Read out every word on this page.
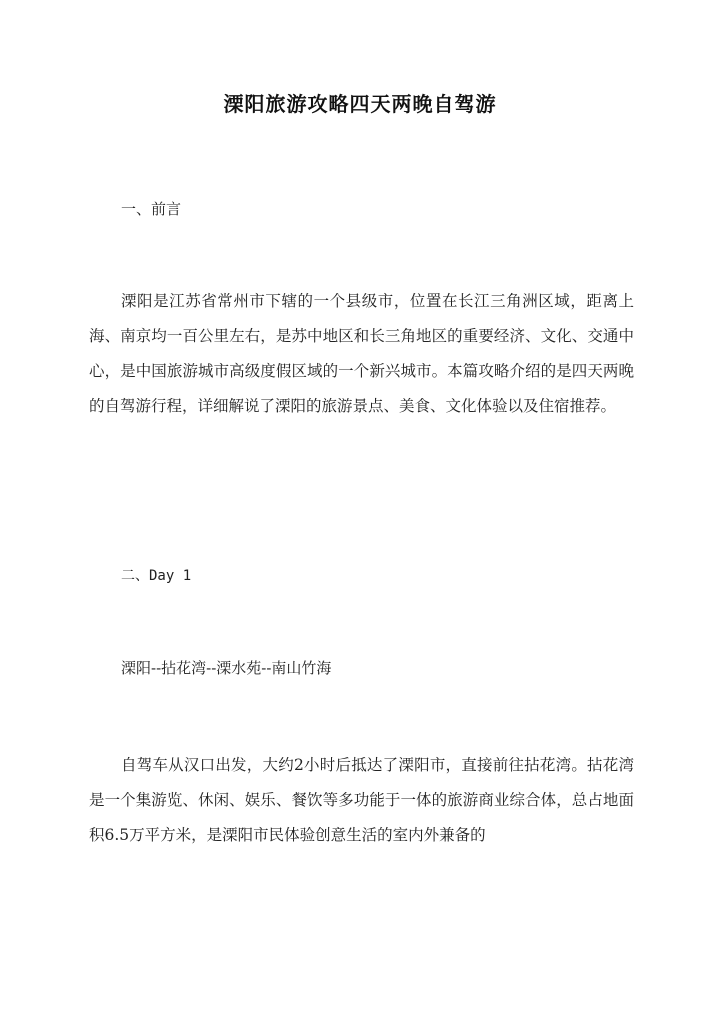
溧阳旅游攻略四天两晚自驾游
一、前言
溧阳是江苏省常州市下辖的一个县级市，位置在长江三角洲区域，距离上海、南京均一百公里左右，是苏中地区和长三角地区的重要经济、文化、交通中心，是中国旅游城市高级度假区域的一个新兴城市。本篇攻略介绍的是四天两晚的自驾游行程，详细解说了溧阳的旅游景点、美食、文化体验以及住宿推荐。
二、Day 1
溧阳--拈花湾--溧水苑--南山竹海
自驾车从汉口出发，大约2小时后抵达了溧阳市，直接前往拈花湾。拈花湾是一个集游览、休闲、娱乐、餐饮等多功能于一体的旅游商业综合体，总占地面积6.5万平方米，是溧阳市民体验创意生活的室内外兼备的
